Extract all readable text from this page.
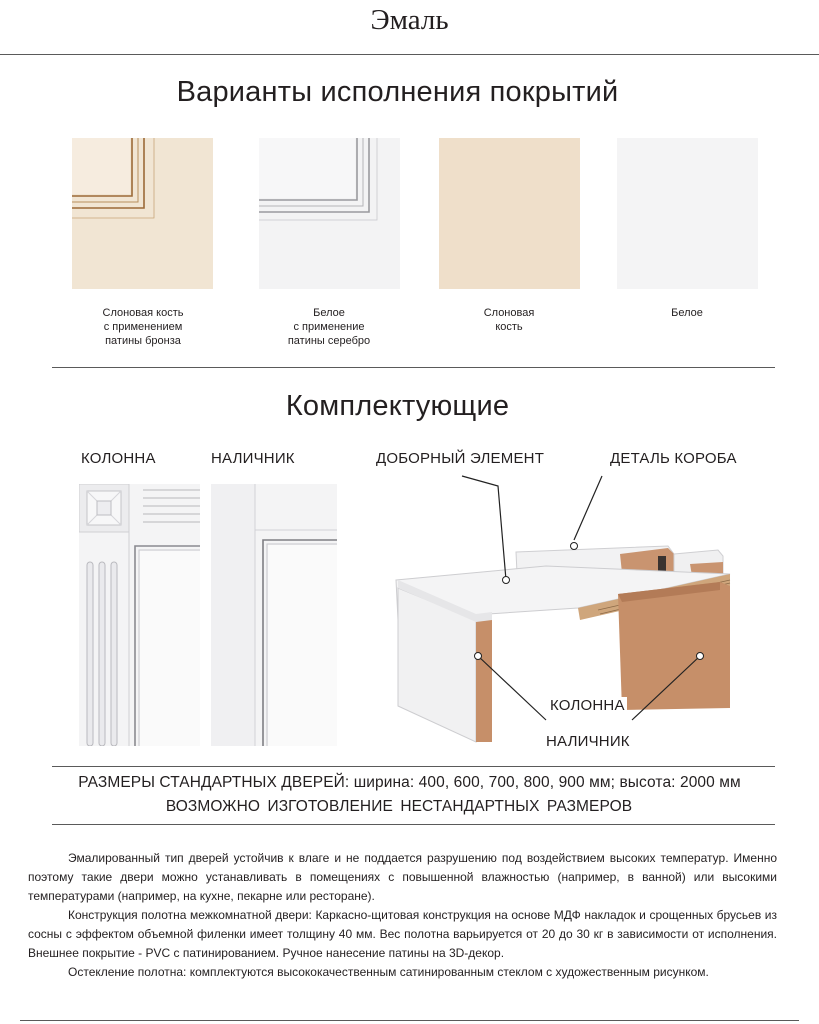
Эмаль
Варианты исполнения покрытий
Слоновая кость
с применением
патины бронза
Белое
с применение
патины серебро
Слоновая
кость
Белое
Комплектующие
КОЛОННА	НАЛИЧНИК	ДОБОРНЫЙ ЭЛЕМЕНТ	ДЕТАЛЬ КОРОБА
КОЛОННА
НАЛИЧНИК
РАЗМЕРЫ СТАНДАРТНЫХ ДВЕРЕЙ: ширина: 400, 600, 700, 800, 900 мм; высота: 2000 мм
ВОЗМОЖНО ИЗГОТОВЛЕНИЕ НЕСТАНДАРТНЫХ РАЗМЕРОВ

Эмалированный тип дверей устойчив к влаге и не поддается разрушению под воздействием высоких температур. Именно поэтому такие двери можно устанавливать в помещениях с повышенной влажностью (например, в ванной) или высокими температурами (например, на кухне, пекарне или ресторане).

Конструкция полотна межкомнатной двери: Каркасно-щитовая конструкция на основе МДФ накладок и срощенных брусьев из сосны с эффектом объемной филенки имеет толщину 40 мм. Вес полотна варьируется от 20 до 30 кг в зависимости от исполнения. Внешнее покрытие - PVC с патинированием. Ручное нанесение патины на 3D-декор.

Остекление полотна: комплектуются высококачественным сатинированным стеклом с художественным рисунком.
